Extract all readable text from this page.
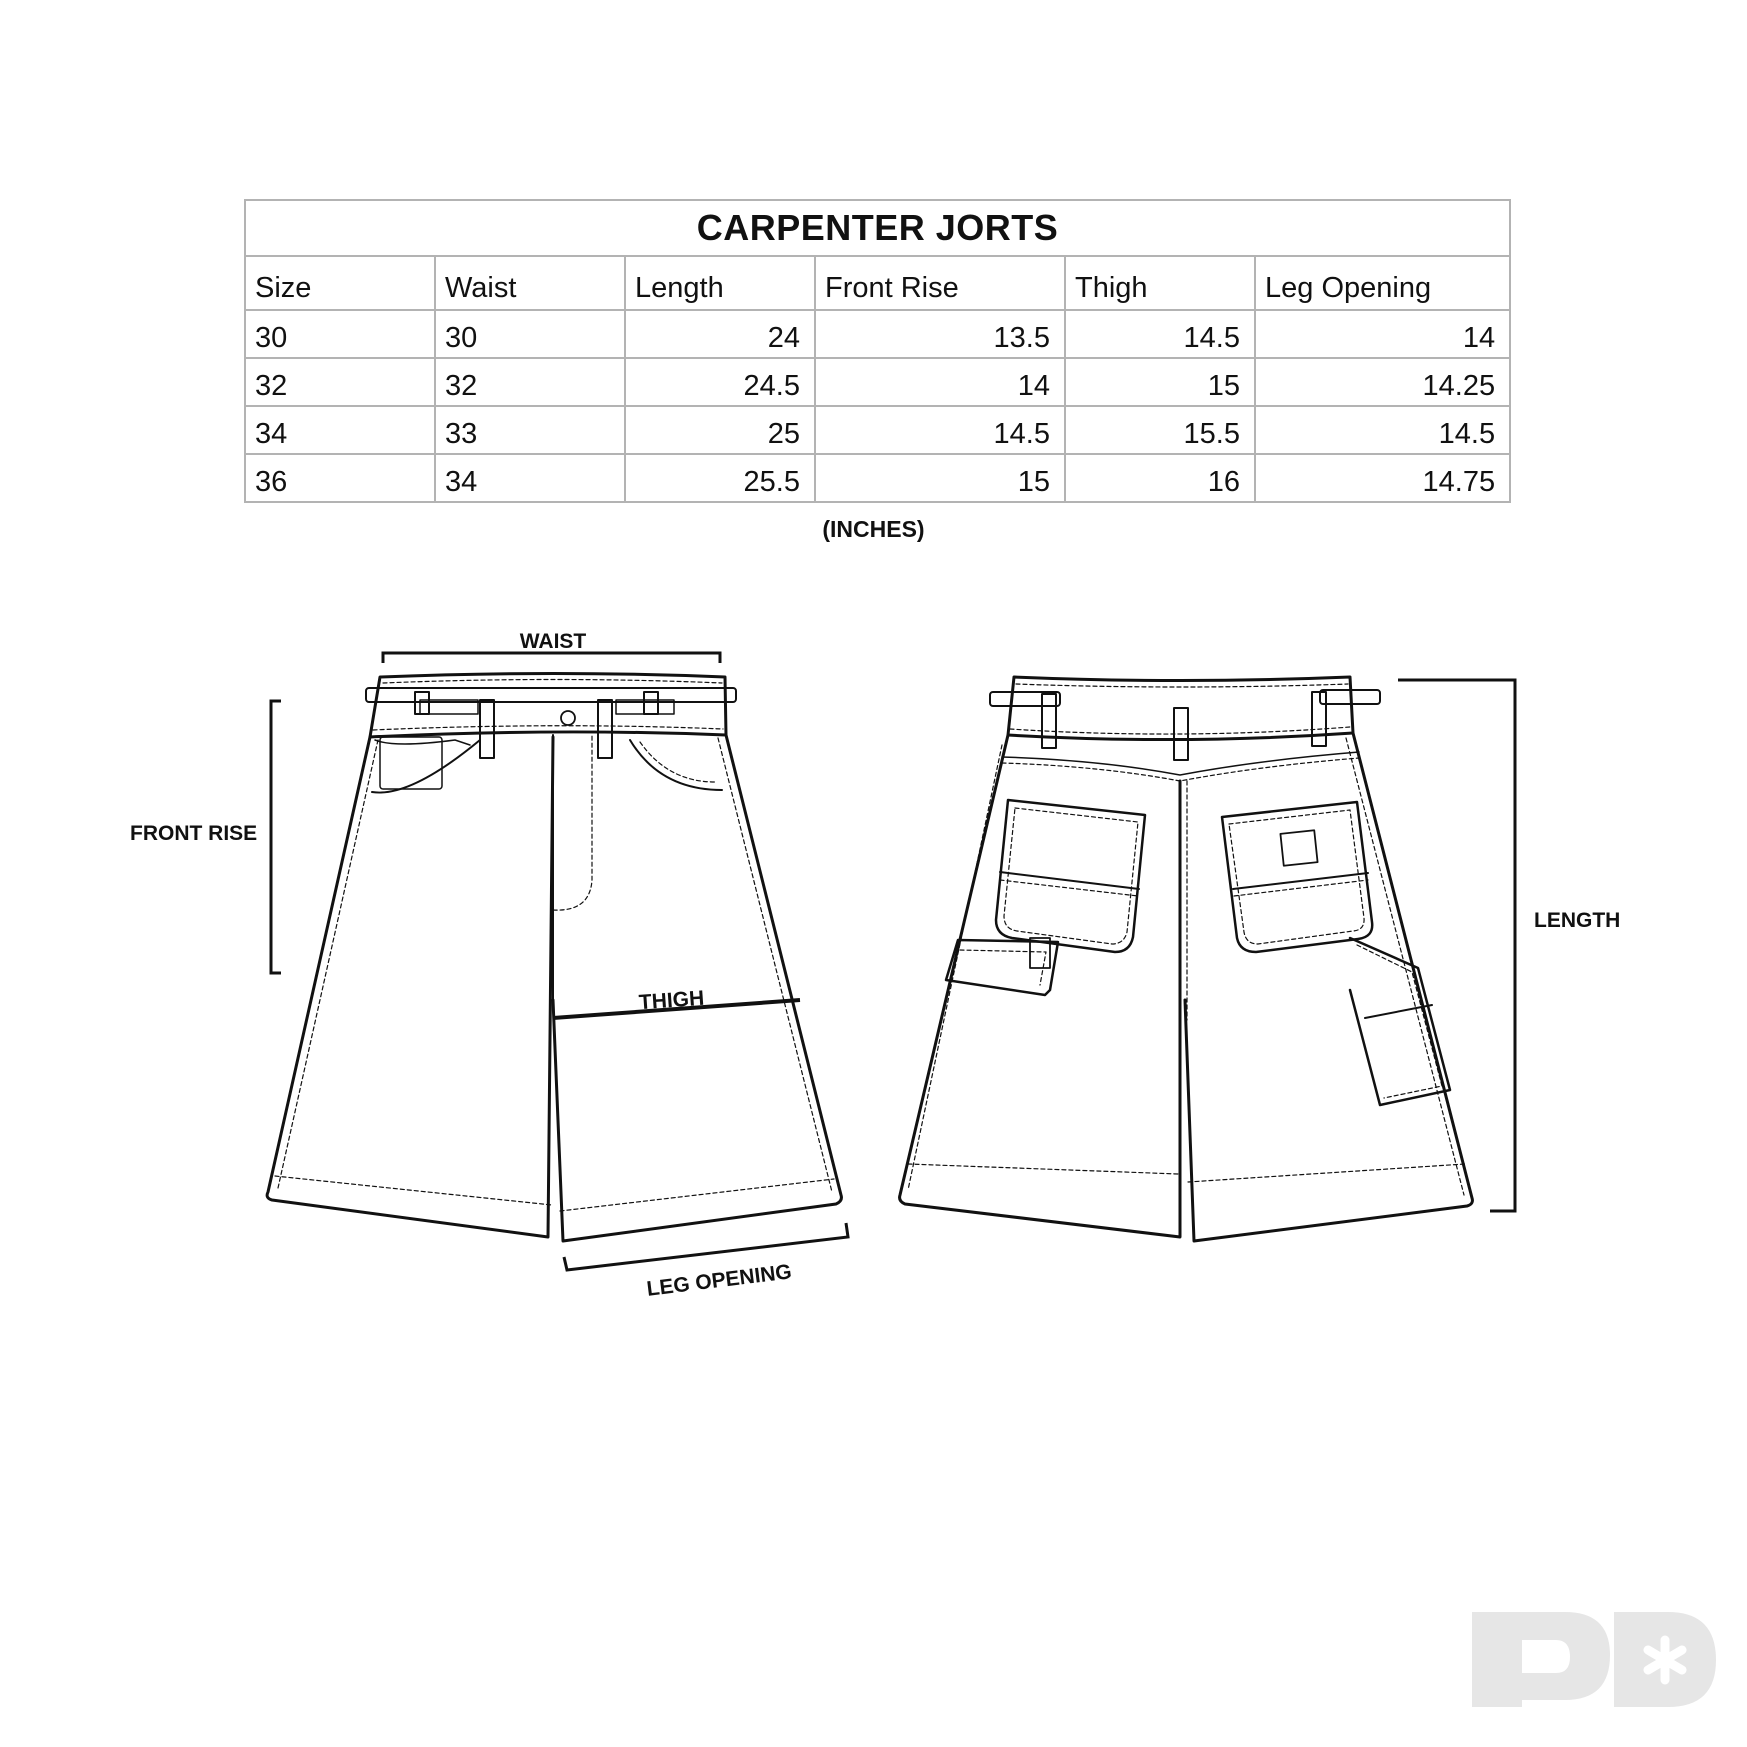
CARPENTER JORTS					
Size	Waist	Length	Front Rise	Thigh	Leg Opening
30	30	24	13.5	14.5	14
32	32	24.5	14	15	14.25
34	33	25	14.5	15.5	14.5
36	34	25.5	15	16	14.75
(INCHES)
WAIST
FRONT RISE
THIGH
LEG OPENING
LENGTH
